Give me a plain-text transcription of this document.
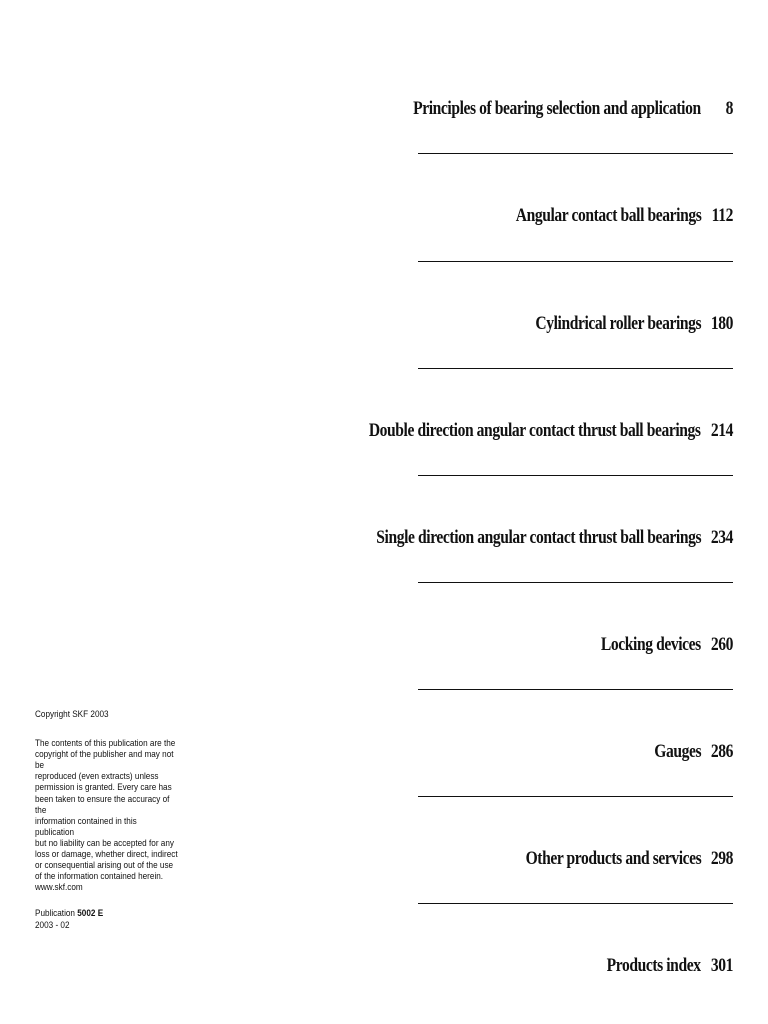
Principles of bearing selection and application 8
Angular contact ball bearings 112
Cylindrical roller bearings 180
Double direction angular contact thrust ball bearings 214
Single direction angular contact thrust ball bearings 234
Locking devices 260
Gauges 286
Other products and services 298
Products index 301

Copyright SKF 2003

The contents of this publication are the

copyright of the publisher and may not be

reproduced (even extracts) unless

permission is granted. Every care has

been taken to ensure the accuracy of the

information contained in this publication

but no liability can be accepted for any

loss or damage, whether direct, indirect

or consequential arising out of the use

of the information contained herein.

www.skf.com

Publication 5002 E

2003 - 02
